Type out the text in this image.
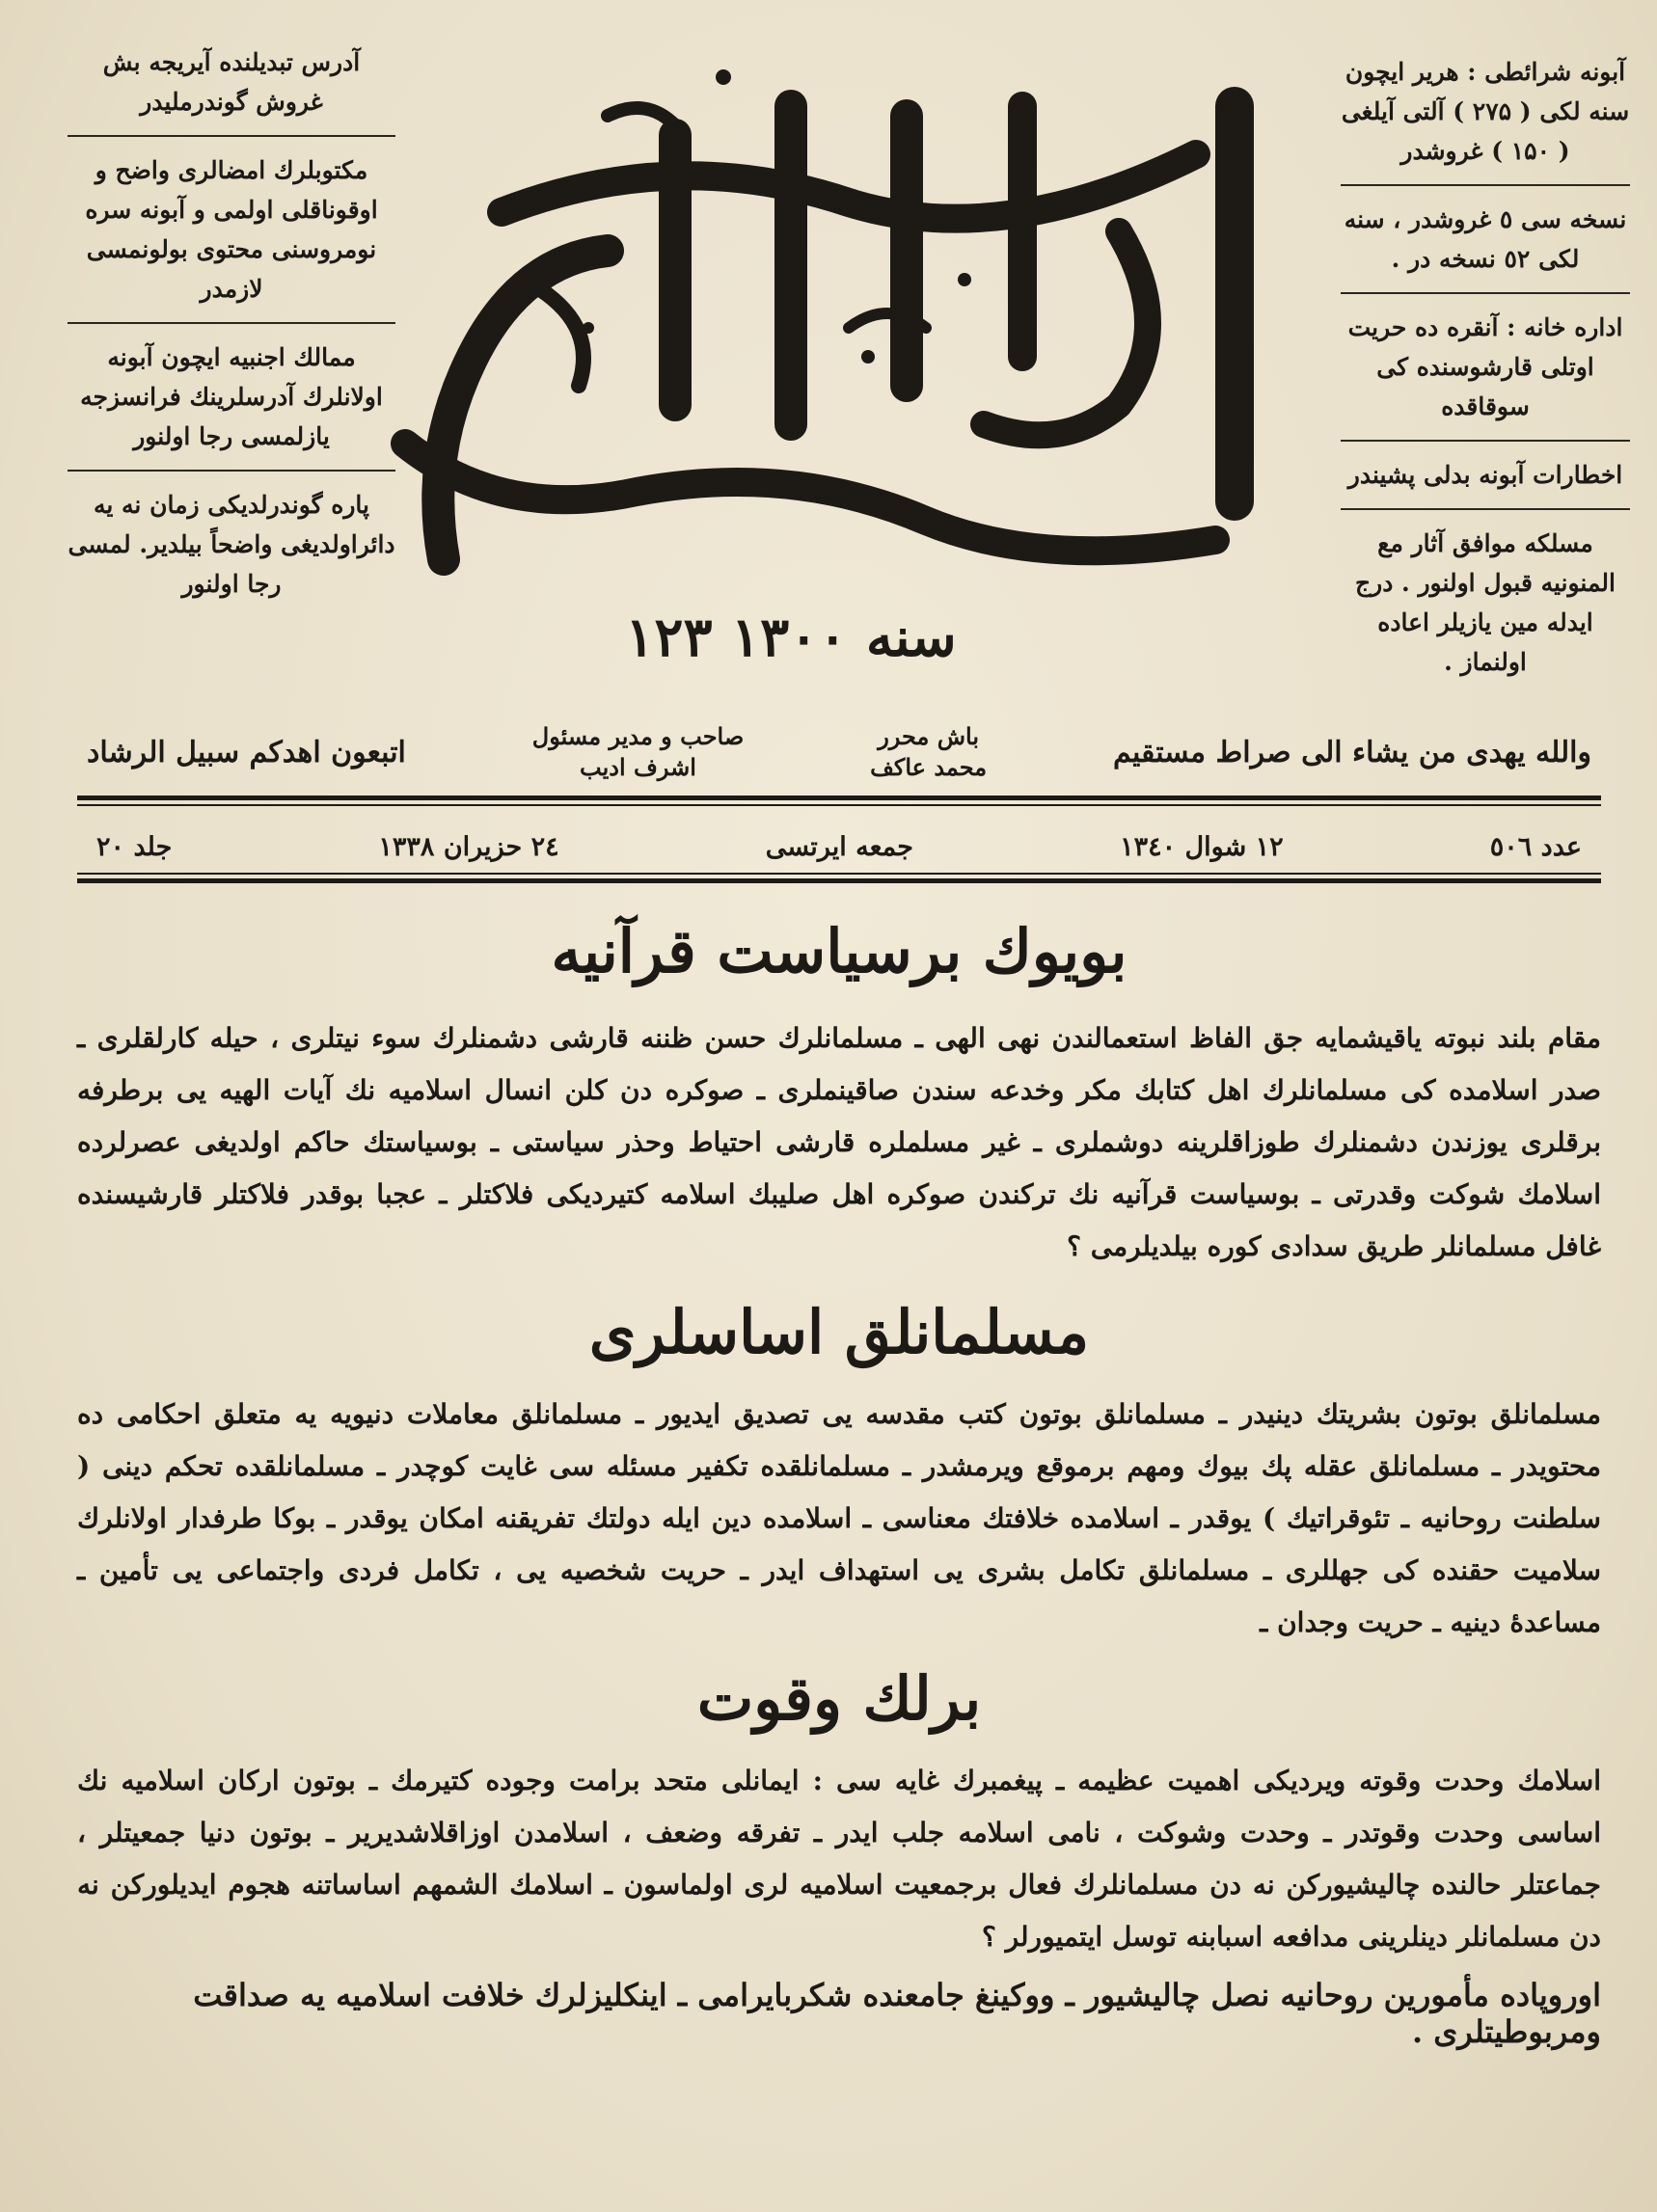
آدرس تبدیلنده آیریجه بش غروش گوندرملیدر

مکتوبلرك امضالری واضح و اوقوناقلی اولمی و آبونه سره نومروسنی محتوی بولونمسی لازمدر

ممالك اجنبیه ایچون آبونه اولانلرك آدرسلرینك فرانسزجه یازلمسی رجا اولنور

پاره گوندرلدیکی زمان نه یه دائراولدیغی واضحاً بیلدیر. لمسی رجا اولنور

سنه ۱۳۰۰ ۱۲۳

آبونه شرائطی : هریر ایچون سنه لکی ( ۲۷۵ ) آلتی آیلغی ( ۱۵۰ ) غروشدر

نسخه سی ٥ غروشدر ، سنه لکی ٥٢ نسخه در .

اداره خانه : آنقره ده حریت اوتلی قارشوسنده کی سوقاقده

اخطارات آبونه بدلی پشیندر

مسلکه موافق آثار مع المنونیه قبول اولنور . درج ایدله مین یازیلر اعاده اولنماز .

والله یهدی من یشاء الی صراط مستقیم
باش محرر
محمد عاکف
صاحب و مدیر مسئول
اشرف ادیب
اتبعون اهدکم سبیل الرشاد
عدد ٥٠٦
١٢ شوال ١٣٤٠
جمعه ایرتسی
٢٤ حزیران ١٣٣٨
جلد ٢٠
بویوك برسیاست قرآنیه
مقام بلند نبوته یاقیشمایه جق الفاظ استعمالندن نهی الهی ـ مسلمانلرك حسن ظننه قارشی دشمنلرك سوء نیتلری ، حیله کارلقلری ـ صدر اسلامده کی مسلمانلرك اهل کتابك مکر وخدعه سندن صاقینملری ـ صوکره دن کلن انسال اسلامیه نك آیات الهیه یی برطرفه برقلری یوزندن دشمنلرك طوزاقلرینه دوشملری ـ غیر مسلملره قارشی احتیاط وحذر سیاستی ـ بوسیاستك حاکم اولدیغی عصرلرده اسلامك شوکت وقدرتی ـ بوسیاست قرآنیه نك ترکندن صوکره اهل صلیبك اسلامه کتیردیکی فلاکتلر ـ عجبا بوقدر فلاکتلر قارشیسنده غافل مسلمانلر طریق سدادی کوره بیلدیلرمی ؟
مسلمانلق اساسلری
مسلمانلق بوتون بشریتك دینیدر ـ مسلمانلق بوتون کتب مقدسه یی تصدیق ایدیور ـ مسلمانلق معاملات دنیویه یه متعلق احکامی ده محتویدر ـ مسلمانلق عقله پك بیوك ومهم برموقع ویرمشدر ـ مسلمانلقده تکفیر مسئله سی غایت کوچدر ـ مسلمانلقده تحکم دینی ( سلطنت روحانیه ـ تئوقراتیك ) یوقدر ـ اسلامده خلافتك معناسی ـ اسلامده دین ایله دولتك تفریقنه امکان یوقدر ـ بوکا طرفدار اولانلرك سلامیت حقنده کی جهللری ـ مسلمانلق تکامل بشری یی استهداف ایدر ـ حریت شخصیه یی ، تکامل فردی واجتماعی یی تأمین ـ مساعدهٔ دینیه ـ حریت وجدان ـ
برلك وقوت
اسلامك وحدت وقوته ویردیکی اهمیت عظیمه ـ پیغمبرك غایه سی : ایمانلی متحد برامت وجوده کتیرمك ـ بوتون ارکان اسلامیه نك اساسی وحدت وقوتدر ـ وحدت وشوکت ، نامی اسلامه جلب ایدر ـ تفرقه وضعف ، اسلامدن اوزاقلاشدیریر ـ بوتون دنیا جمعیتلر ، جماعتلر حالنده چالیشیورکن نه دن مسلمانلرك فعال برجمعیت اسلامیه لری اولماسون ـ اسلامك الشمهم اساساتنه هجوم ایدیلورکن نه دن مسلمانلر دینلرینی مدافعه اسبابنه توسل ایتمیورلر ؟
اوروپاده مأمورین روحانیه نصل چالیشیور ـ ووکینغ جامعنده شکربایرامی ـ اینکلیزلرك خلافت اسلامیه یه صداقت ومربوطیتلری .
